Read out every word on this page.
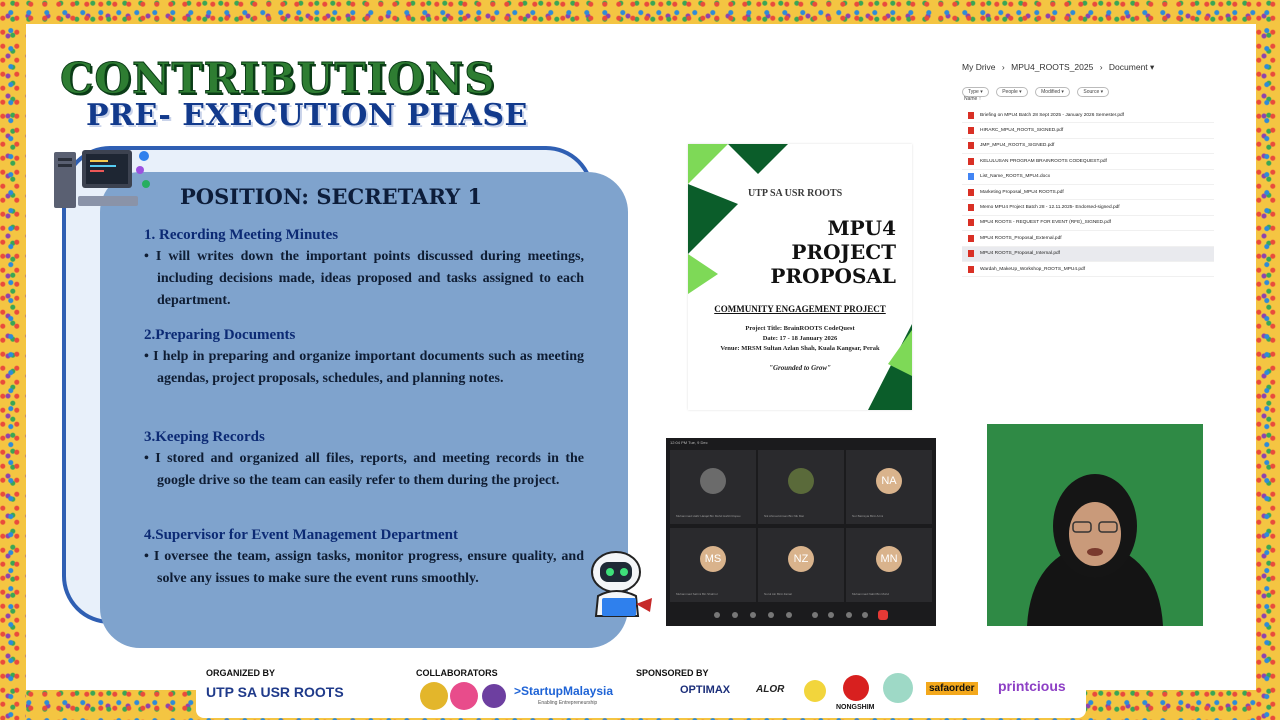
CONTRIBUTIONS
PRE- EXECUTION PHASE
POSITION: SECRETARY 1
1. Recording Meeting Minutes

• I will writes down the important points discussed during meetings, including decisions made, ideas proposed and tasks assigned to each department.

2.Preparing Documents

• I help in preparing and organize important documents such as meeting agendas, project proposals, schedules, and planning notes.

3.Keeping Records

• I stored and organized all files, reports, and meeting records in the google drive so the team can easily refer to them during the project.

4.Supervisor for Event Management Department

• I oversee the team, assign tasks, monitor progress, ensure quality, and solve any issues to make sure the event runs smoothly.

UTP SA USR ROOTS
MPU4
PROJECT
PROPOSAL
COMMUNITY ENGAGEMENT PROJECT
Project Title: BrainROOTS CodeQuest
Date: 17 - 18 January 2026
Venue: MRSM Sultan Azlan Shah, Kuala Kangsar, Perak
"Grounded to Grow"
My Drive › MPU4_ROOTS_2025 › Document ▾
Type ▾	People ▾	Modified ▾	Source ▾
Name ↑
Briefing on MPU4 Batch 28 Sept 2025 - January 2026 Semester.pdf
HIRARC_MPU4_ROOTS_SIGNED.pdf
JMP_MPU4_ROOTS_SIGNED.pdf
KELULUSAN PROGRAM BRAINROOTS CODEQUEST.pdf
List_Name_ROOTS_MPU4.docx
Marketing Proposal_MPU4 ROOTS.pdf
Memo MPU4 Project Batch 28 - 12.11.2025- Endorsed-signed.pdf
MPU4 ROOTS - REQUEST FOR EVENT (RFE)_SIGNED.pdf
MPU4 ROOTS_Proposal_External.pdf
MPU4 ROOTS_Proposal_Internal.pdf
Wardah_MakeUp_Workshop_ROOTS_MPU4.pdf
12:04 PM Tue, 9 Dec
Muhammad Hafiz Haiqal Bin Mohd Hafizi Ropau	Nik Ahmad Aiman Bin Nik Mat
NA
Nur Batrisyia Binti Azmi
MS
Muhammad Sahmi Bin Shahrul
NZ
Nurul Ain Binti Zainal
MN
Muhammad Nabil Bin Mohd
ORGANIZED BY	COLLABORATORS	SPONSORED BY
UTP SA USR ROOTS	>StartupMalaysia
Enabling Entrepreneurship
OPTIMAX	ALOR
NONGSHIM
safaorder printcious
